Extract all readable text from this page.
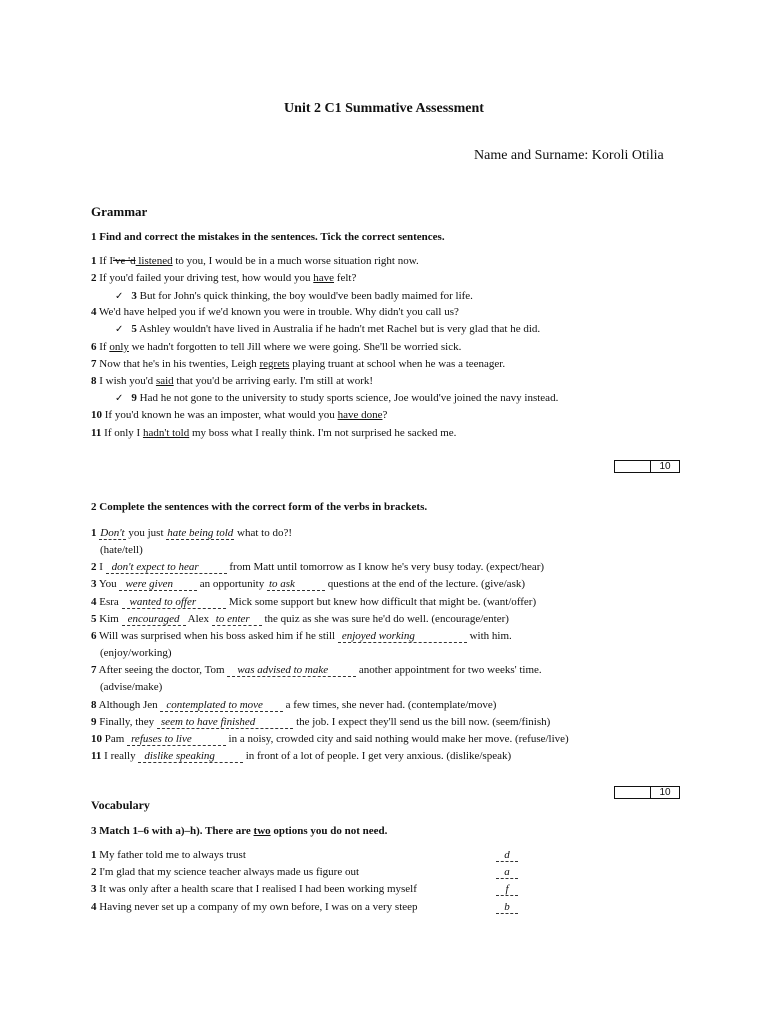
Unit 2 C1 Summative Assessment
Name and Surname: Koroli Otilia
Grammar
1 Find and correct the mistakes in the sentences. Tick the correct sentences.
1 If I've 'd listened to you, I would be in a much worse situation right now.
2 If you'd failed your driving test, how would you have felt?
✓ 3 But for John's quick thinking, the boy would've been badly maimed for life.
4 We'd have helped you if we'd known you were in trouble. Why didn't you call us?
✓ 5 Ashley wouldn't have lived in Australia if he hadn't met Rachel but is very glad that he did.
6 If only we hadn't forgotten to tell Jill where we were going. She'll be worried sick.
7 Now that he's in his twenties, Leigh regrets playing truant at school when he was a teenager.
8 I wish you'd said that you'd be arriving early. I'm still at work!
✓ 9 Had he not gone to the university to study sports science, Joe would've joined the navy instead.
10 If you'd known he was an imposter, what would you have done?
11 If only I hadn't told my boss what I really think. I'm not surprised he sacked me.
10
2 Complete the sentences with the correct form of the verbs in brackets.
1 Don't you just hate being told what to do?!
(hate/tell)
2 I don't expect to hear	from Matt until tomorrow as I know he's very busy today. (expect/hear)
3 You were given an opportunity to ask	questions at the end of the lecture. (give/ask)
4 Esra wanted to offer	Mick some support but knew how difficult that might be. (want/offer)
5 Kim encouraged Alex to enter the quiz as she was sure he'd do well. (encourage/enter)
6 Will was surprised when his boss asked him if he still enjoyed working	with him.
(enjoy/working)
7 After seeing the doctor, Tom was advised to make	another appointment for two weeks' time.
(advise/make)
8 Although Jen contemplated to move a few times, she never had. (contemplate/move)
9 Finally, they seem to have finished	the job. I expect they'll send us the bill now. (seem/finish)
10 Pam refuses to live	in a noisy, crowded city and said nothing would make her move. (refuse/live)
11 I really dislike speaking	in front of a lot of people. I get very anxious. (dislike/speak)
10
Vocabulary
3 Match 1–6 with a)–h). There are two options you do not need.
1 My father told me to always trust	d
2 I'm glad that my science teacher always made us figure out	a
3 It was only after a health scare that I realised I had been working myself	f
4 Having never set up a company of my own before, I was on a very steep	b
